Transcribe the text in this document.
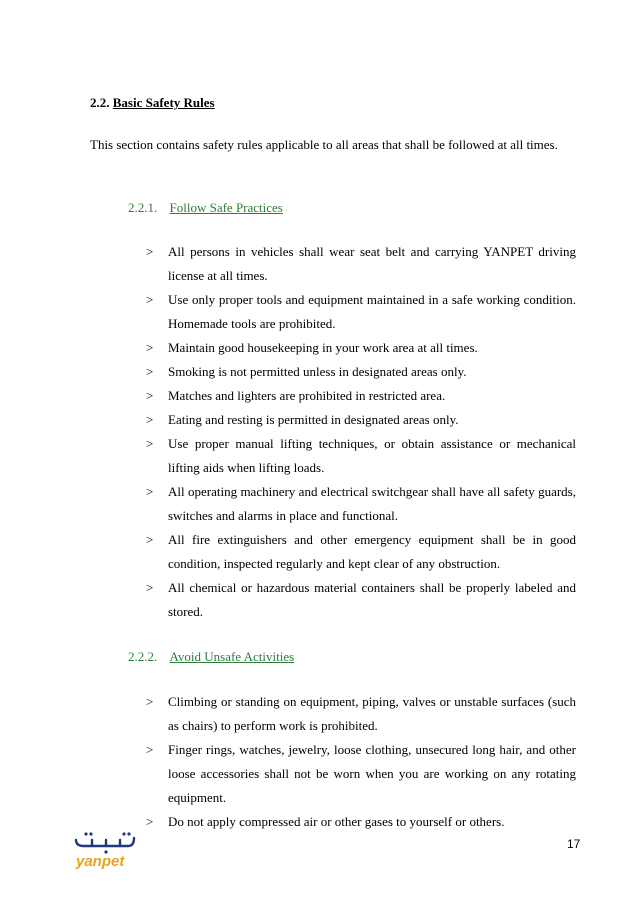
2.2. Basic Safety Rules
This section contains safety rules applicable to all areas that shall be followed at all times.
2.2.1. Follow Safe Practices
>	All persons in vehicles shall wear seat belt and carrying YANPET driving license at all times.
>	Use only proper tools and equipment maintained in a safe working condition. Homemade tools are prohibited.
>	Maintain good housekeeping in your work area at all times.
>	Smoking is not permitted unless in designated areas only.
>	Matches and lighters are prohibited in restricted area.
>	Eating and resting is permitted in designated areas only.
>	Use proper manual lifting techniques, or obtain assistance or mechanical lifting aids when lifting loads.
>	All operating machinery and electrical switchgear shall have all safety guards, switches and alarms in place and functional.
>	All fire extinguishers and other emergency equipment shall be in good condition, inspected regularly and kept clear of any obstruction.
>	All chemical or hazardous material containers shall be properly labeled and stored.
2.2.2. Avoid Unsafe Activities
>	Climbing or standing on equipment, piping, valves or unstable surfaces (such as chairs) to perform work is prohibited.
>	Finger rings, watches, jewelry, loose clothing, unsecured long hair, and other loose accessories shall not be worn when you are working on any rotating equipment.
>	Do not apply compressed air or other gases to yourself or others.
yanpet
17
